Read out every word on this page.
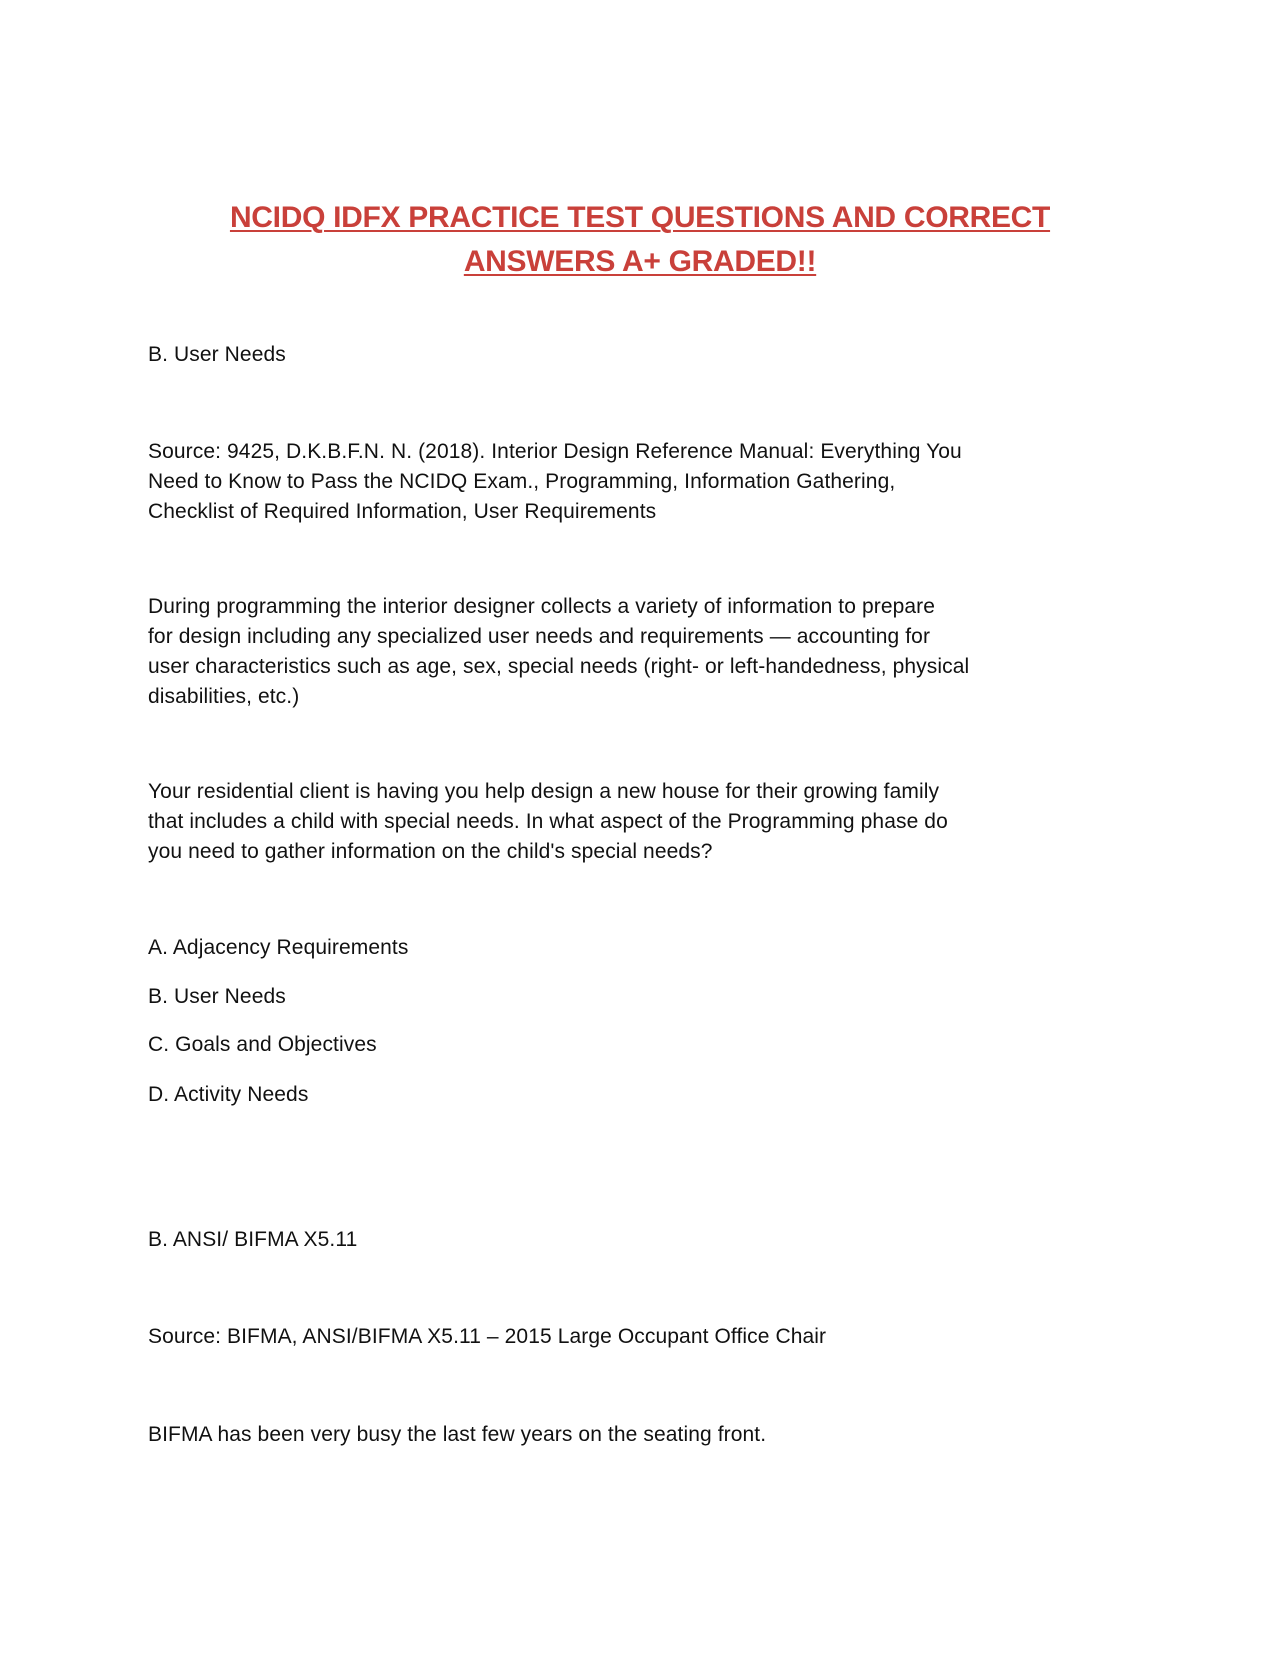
NCIDQ IDFX PRACTICE TEST QUESTIONS AND CORRECT
ANSWERS A+ GRADED!!
B. User Needs
Source: 9425, D.K.B.F.N. N. (2018). Interior Design Reference Manual: Everything You
Need to Know to Pass the NCIDQ Exam., Programming, Information Gathering,
Checklist of Required Information, User Requirements
During programming the interior designer collects a variety of information to prepare
for design including any specialized user needs and requirements — accounting for
user characteristics such as age, sex, special needs (right- or left-handedness, physical
disabilities, etc.)
Your residential client is having you help design a new house for their growing family
that includes a child with special needs. In what aspect of the Programming phase do
you need to gather information on the child's special needs?
A. Adjacency Requirements
B. User Needs
C. Goals and Objectives
D. Activity Needs
B. ANSI/ BIFMA X5.11
Source: BIFMA, ANSI/BIFMA X5.11 – 2015 Large Occupant Office Chair
BIFMA has been very busy the last few years on the seating front.
